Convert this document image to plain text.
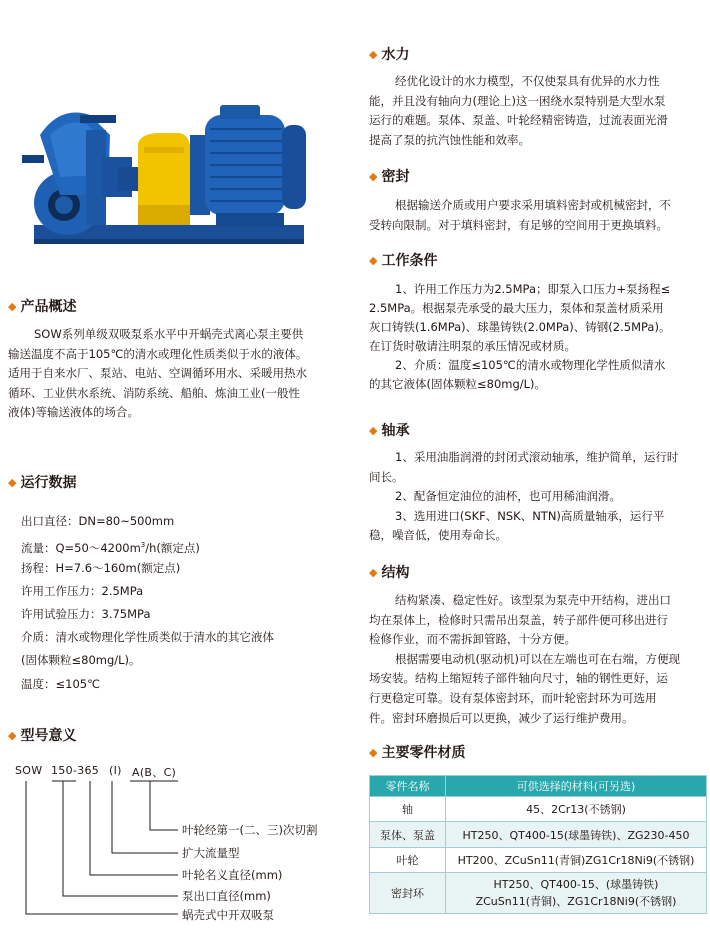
◆ 产品概述

SOW系列单级双吸泵系水平中开蜗壳式离心泵主要供
输送温度不高于105℃的清水或理化性质类似于水的液体。
适用于自来水厂、泵站、电站、空调循环用水、采暖用热水
循环、工业供水系统、消防系统、船舶、炼油工业(一般性
液体)等输送液体的场合。

◆ 运行数据
出口直径：DN=80~500mm
流量：$Q=50\sim 4200m^3/h$(额定点)
扬程：H=7.6～160m(额定点)
许用工作压力：2.5MPa
许用试验压力：3.75MPa
介质：清水或物理化学性质类似于清水的其它液体
(固体颗粒≤80mg/L)。
温度：≤105℃
◆ 型号意义
SOW 150-365 (I) A(B、C)
叶轮经第一(二、三)次切割
扩大流量型
叶轮名义直径(mm)
泵出口直径(mm)
蜗壳式中开双吸泵
◆ 水力

经优化设计的水力模型，不仅使泵具有优异的水力性
能，并且没有轴向力(理论上)这一困绕水泵特别是大型水泵
运行的难题。泵体、泵盖、叶轮经精密铸造，过流表面光滑
提高了泵的抗汽蚀性能和效率。

◆ 密封

根据输送介质或用户要求采用填料密封或机械密封，不
受转向限制。对于填料密封，有足够的空间用于更换填料。

◆ 工作条件

1、许用工作压力为2.5MPa；即泵入口压力+泵扬程≤
2.5MPa。根据泵壳承受的最大压力，泵体和泵盖材质采用
灰口铸铁(1.6MPa)、球墨铸铁(2.0MPa)、铸钢(2.5MPa)。
在订货时敬请注明泵的承压情况或材质。
2、介质：温度≤105℃的清水或物理化学性质似清水
的其它液体(固体颗粒≤80mg/L)。

◆ 轴承

1、采用油脂润滑的封闭式滚动轴承，维护简单，运行时
间长。
2、配备恒定油位的油杯，也可用稀油润滑。
3、选用进口(SKF、NSK、NTN)高质量轴承，运行平
稳，噪音低，使用寿命长。

◆ 结构

结构紧凑、稳定性好。该型泵为泵壳中开结构，进出口
均在泵体上，检修时只需吊出泵盖，转子部件便可移出进行
检修作业，而不需拆卸管路，十分方便。
根据需要电动机(驱动机)可以在左端也可在右端，方便现
场安装。结构上缩短转子部件轴向尺寸，轴的钢性更好，运
行更稳定可靠。设有泵体密封环，而叶轮密封环为可选用
件。密封环磨损后可以更换，减少了运行维护费用。

◆ 主要零件材质
零件名称	可供选择的材料(可另选)
轴	45、2Cr13(不锈钢)
泵体、泵盖	HT250、QT400-15(球墨铸铁)、ZG230-450
叶轮	HT200、ZCuSn11(青铜)ZG1Cr18Ni9(不锈钢)
密封环	HT250、QT400-15、(球墨铸铁)
ZCuSn11(青铜)、ZG1Cr18Ni9(不锈钢)
